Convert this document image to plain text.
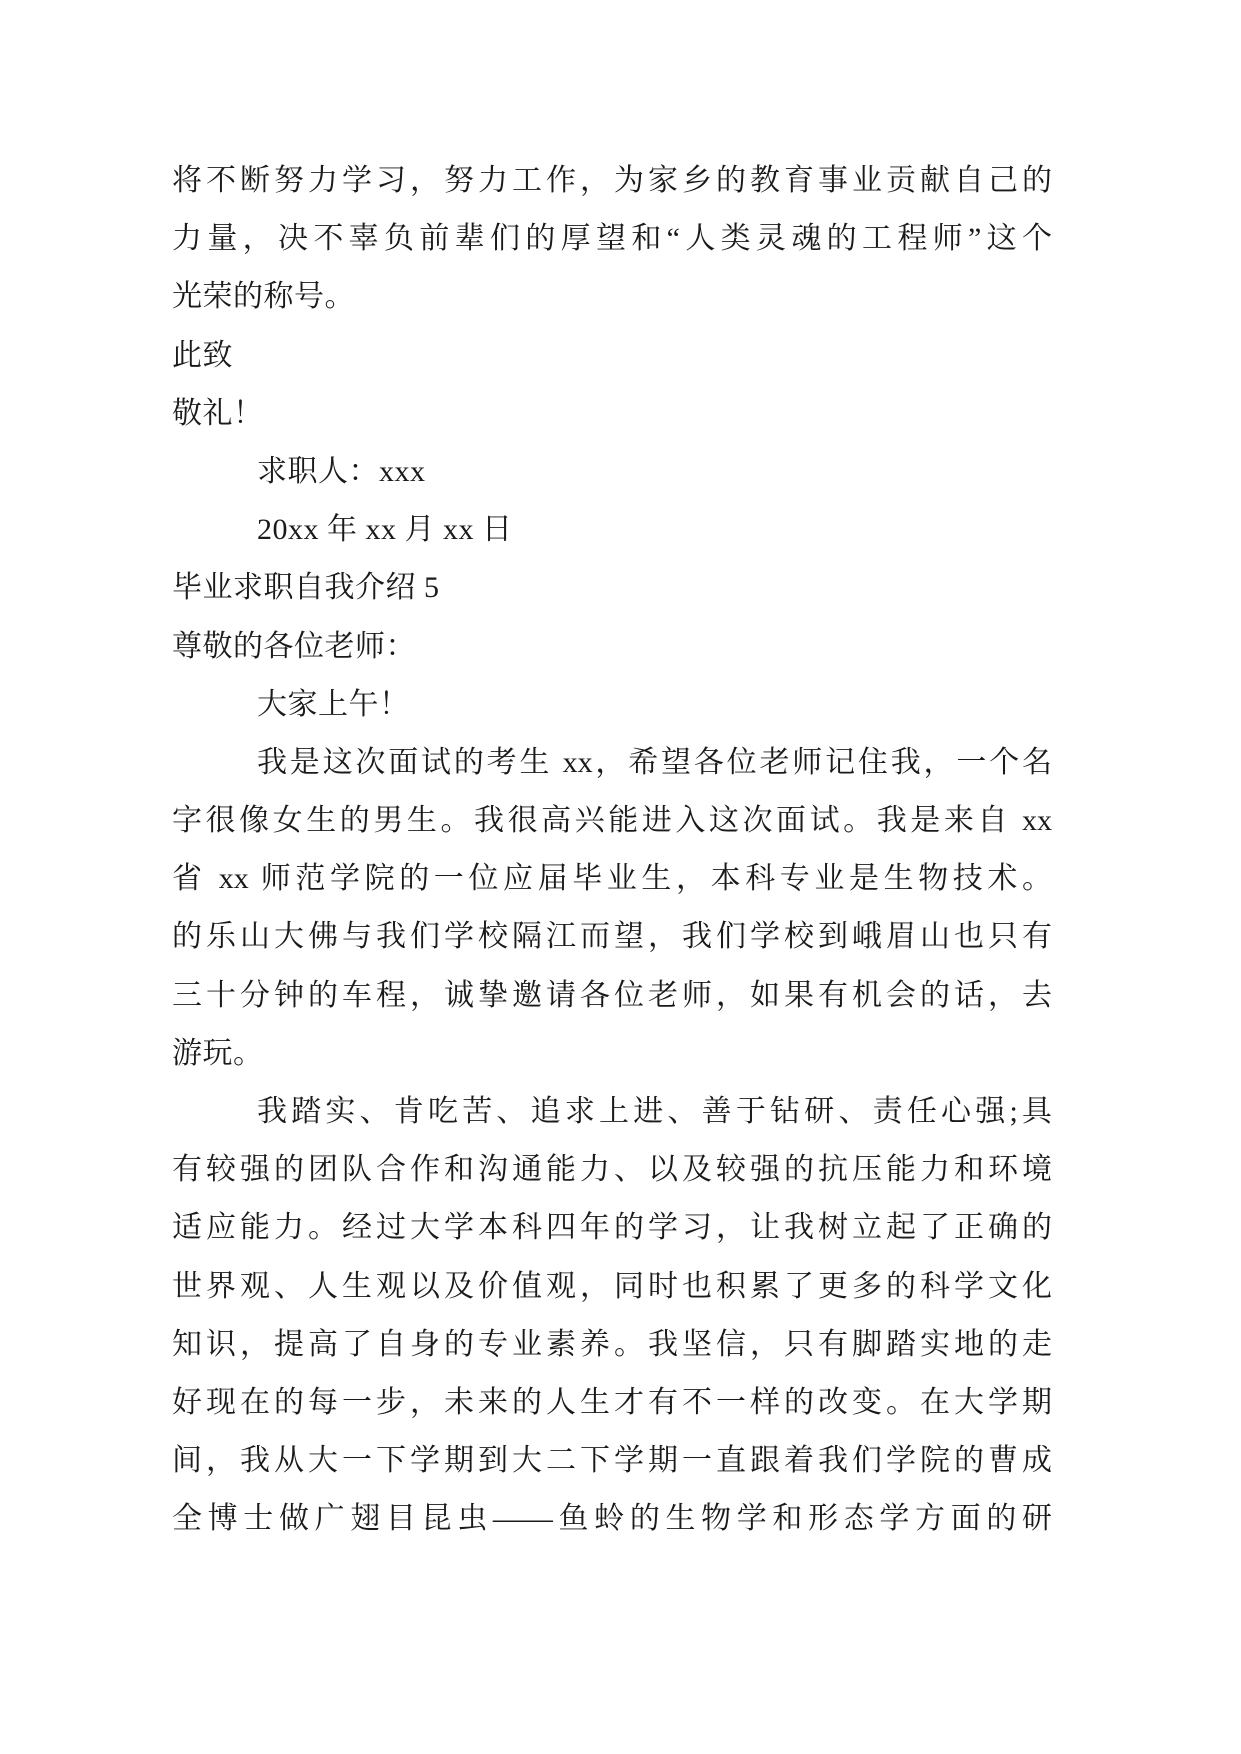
将不断努力学习，努力工作，为家乡的教育事业贡献自己的
力量，决不辜负前辈们的厚望和“人类灵魂的工程师”这个
光荣的称号。
此致
敬礼！
求职人：xxx
20xx 年 xx 月 xx 日
毕业求职自我介绍 5
尊敬的各位老师：
大家上午！
我是这次面试的考生 xx，希望各位老师记住我，一个名
字很像女生的男生。我很高兴能进入这次面试。我是来自 xx
省 xx 师范学院的一位应届毕业生，本科专业是生物技术。
的乐山大佛与我们学校隔江而望，我们学校到峨眉山也只有
三十分钟的车程，诚挚邀请各位老师，如果有机会的话，去
游玩。
我踏实、肯吃苦、追求上进、善于钻研、责任心强;具
有较强的团队合作和沟通能力、以及较强的抗压能力和环境
适应能力。经过大学本科四年的学习，让我树立起了正确的
世界观、人生观以及价值观，同时也积累了更多的科学文化
知识，提高了自身的专业素养。我坚信，只有脚踏实地的走
好现在的每一步，未来的人生才有不一样的改变。在大学期
间，我从大一下学期到大二下学期一直跟着我们学院的曹成
全博士做广翅目昆虫——鱼蛉的生物学和形态学方面的研
